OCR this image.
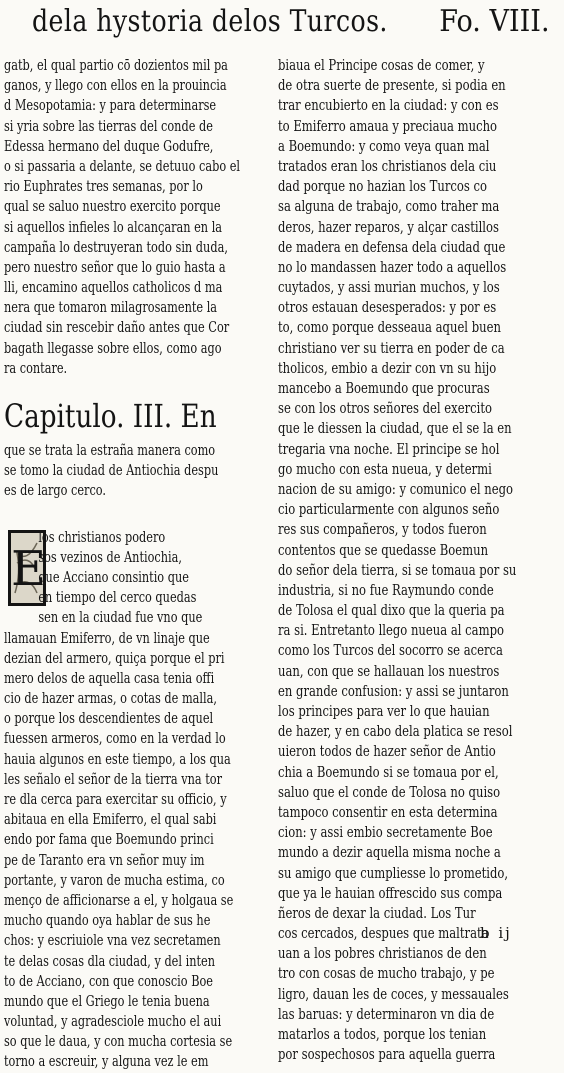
dela hystoria delos Turcos. Fo. VIII.
gatb, el qual partio cō dozientos mil pa
ganos, y llego con ellos en la prouincia
d Mesopotamia: y para determinarse
si yria sobre las tierras del conde de
Edessa hermano del duque Godufre,
o si passaria a delante, se detuuo cabo el
rio Euphrates tres semanas, por lo
qual se saluo nuestro exercito porque
si aquellos infieles lo alcançaran en la
campaña lo destruyeran todo sin duda,
pero nuestro señor que lo guio hasta a
lli, encamino aquellos catholicos d ma
nera que tomaron milagrosamente la
ciudad sin rescebir daño antes que Cor
bagath llegasse sobre ellos, como ago
ra contare.
Capitulo. III. En
que se trata la estraña manera como
se tomo la ciudad de Antiochia despu
es de largo cerco.
E
los christianos podero
sos vezinos de Antiochia,
que Acciano consintio que
en tiempo del cerco quedas
sen en la ciudad fue vno que
llamauan Emiferro, de vn linaje que
dezian del armero, quiça porque el pri
mero delos de aquella casa tenia offi
cio de hazer armas, o cotas de malla,
o porque los descendientes de aquel
fuessen armeros, como en la verdad lo
hauia algunos en este tiempo, a los qua
les señalo el señor de la tierra vna tor
re dla cerca para exercitar su officio, y
abitaua en ella Emiferro, el qual sabi
endo por fama que Boemundo princi
pe de Taranto era vn señor muy im
portante, y varon de mucha estima, co
menço de afficionarse a el, y holgaua se
mucho quando oya hablar de sus he
chos: y escriuiole vna vez secretamen
te delas cosas dla ciudad, y del inten
to de Acciano, con que conoscio Boe
mundo que el Griego le tenia buena
voluntad, y agradesciole mucho el aui
so que le daua, y con mucha cortesia se
torno a escreuir, y alguna vez le em
biaua el Principe cosas de comer, y
de otra suerte de presente, si podia en
trar encubierto en la ciudad: y con es
to Emiferro amaua y preciaua mucho
a Boemundo: y como veya quan mal
tratados eran los christianos dela ciu
dad porque no hazian los Turcos co
sa alguna de trabajo, como traher ma
deros, hazer reparos, y alçar castillos
de madera en defensa dela ciudad que
no lo mandassen hazer todo a aquellos
cuytados, y assi murian muchos, y los
otros estauan desesperados: y por es
to, como porque desseaua aquel buen
christiano ver su tierra en poder de ca
tholicos, embio a dezir con vn su hijo
mancebo a Boemundo que procuras
se con los otros señores del exercito
que le diessen la ciudad, que el se la en
tregaria vna noche. El principe se hol
go mucho con esta nueua, y determi
nacion de su amigo: y comunico el nego
cio particularmente con algunos seño
res sus compañeros, y todos fueron
contentos que se quedasse Boemun
do señor dela tierra, si se tomaua por su
industria, si no fue Raymundo conde
de Tolosa el qual dixo que la queria pa
ra si. Entretanto llego nueua al campo
como los Turcos del socorro se acerca
uan, con que se hallauan los nuestros
en grande confusion: y assi se juntaron
los principes para ver lo que hauian
de hazer, y en cabo dela platica se resol
uieron todos de hazer señor de Antio
chia a Boemundo si se tomaua por el,
saluo que el conde de Tolosa no quiso
tampoco consentir en esta determina
cion: y assi embio secretamente Boe
mundo a dezir aquella misma noche a
su amigo que cumpliesse lo prometido,
que ya le hauian offrescido sus compa
ñeros de dexar la ciudad. Los Tur
cos cercados, despues que maltrata
uan a los pobres christianos de den
tro con cosas de mucho trabajo, y pe
ligro, dauan les de coces, y messauales
las baruas: y determinaron vn dia de
matarlos a todos, porque los tenian
por sospechosos para aquella guerra
b ij
